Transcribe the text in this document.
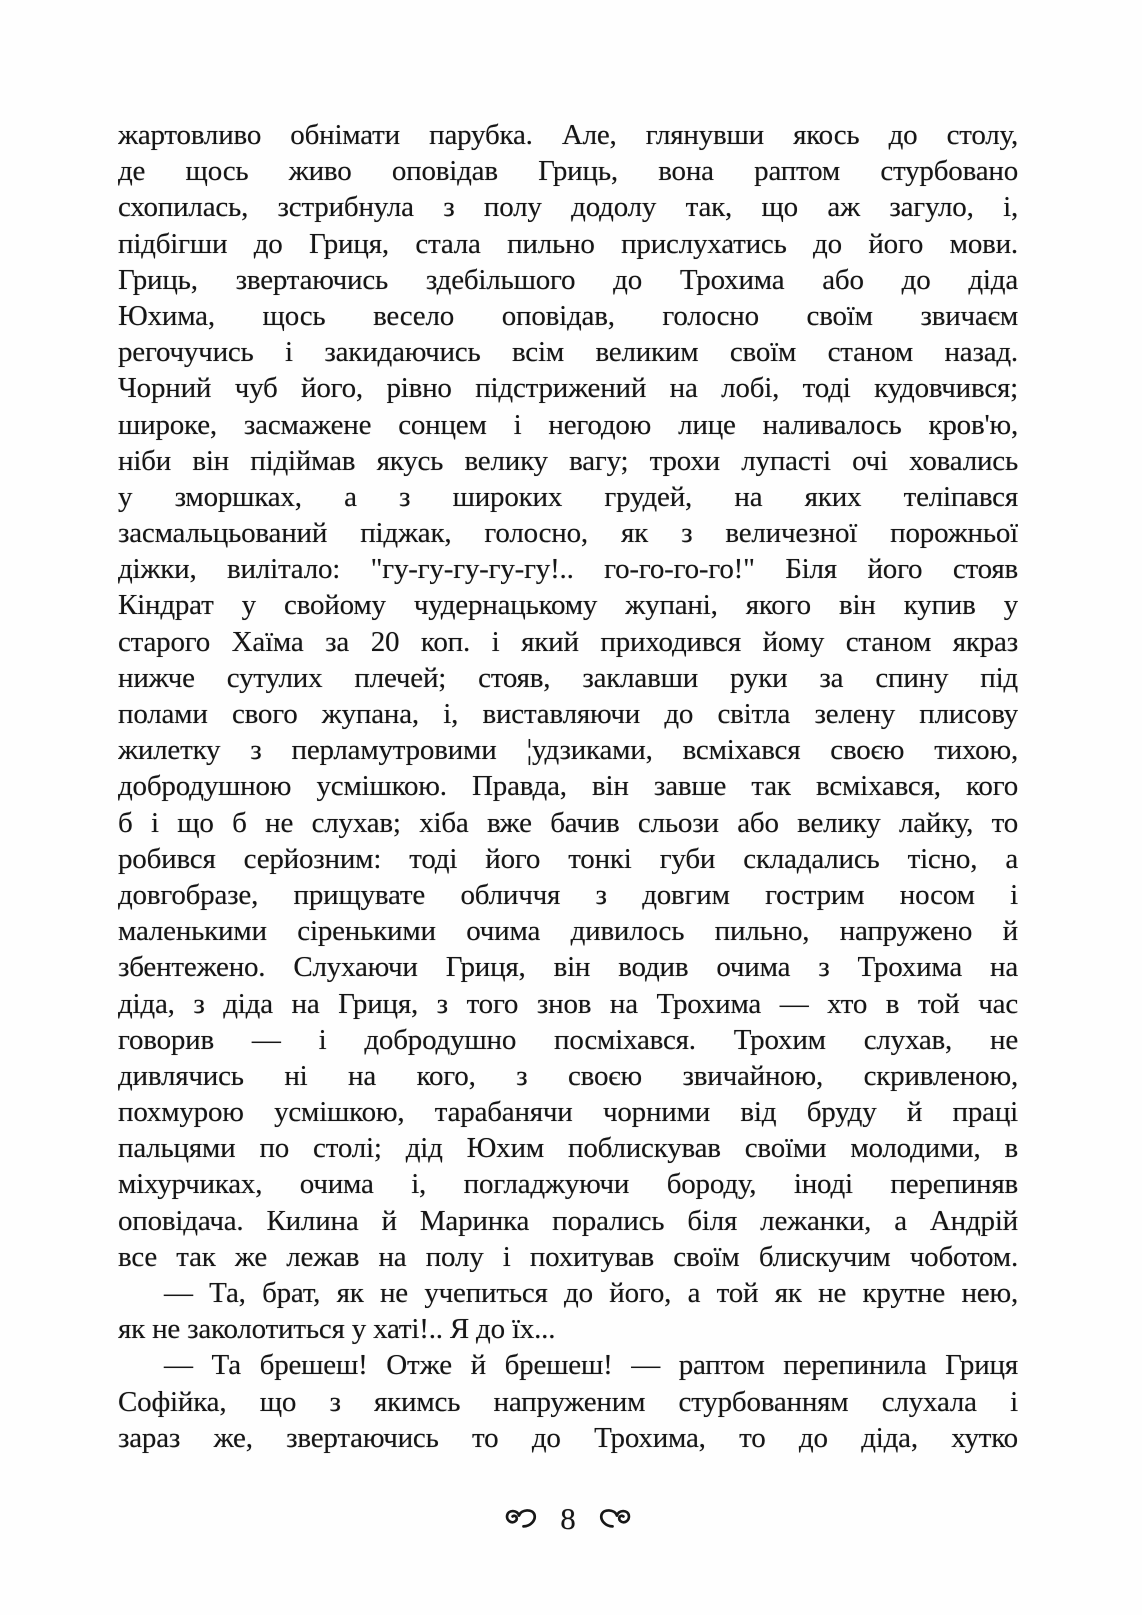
жартовливо обнімати парубка. Але, глянувши якось до столу,
де щось живо оповідав Гриць, вона раптом стурбовано
схопилась, зстрибнула з полу додолу так, що аж загуло, і,
підбігши до Гриця, стала пильно прислухатись до його мови.
Гриць, звертаючись здебільшого до Трохима або до діда
Юхима, щось весело оповідав, голосно своїм звичаєм
регочучись і закидаючись всім великим своїм станом назад.
Чорний чуб його, рівно підстрижений на лобі, тоді кудовчився;
широке, засмажене сонцем і негодою лице наливалось кров'ю,
ніби він підіймав якусь велику вагу; трохи лупасті очі ховались
у зморшках, а з широких грудей, на яких теліпався
засмальцьований піджак, голосно, як з величезної порожньої
діжки, вилітало: "гу-гу-гу-гу-гу!.. го-го-го-го!" Біля його стояв
Кіндрат у свойому чудернацькому жупані, якого він купив у
старого Хаїма за 20 коп. і який приходився йому станом якраз
нижче сутулих плечей; стояв, заклавши руки за спину під
полами свого жупана, і, виставляючи до світла зелену плисову
жилетку з перламутровими ¦удзиками, всміхався своєю тихою,
добродушною усмішкою. Правда, він завше так всміхався, кого
б і що б не слухав; хіба вже бачив сльози або велику лайку, то
робився серйозним: тоді його тонкі губи складались тісно, а
довгобразе, прищувате обличчя з довгим гострим носом і
маленькими сіренькими очима дивилось пильно, напружено й
збентежено. Слухаючи Гриця, він водив очима з Трохима на
діда, з діда на Гриця, з того знов на Трохима — хто в той час
говорив — і добродушно посміхався. Трохим слухав, не
дивлячись ні на кого, з своєю звичайною, скривленою,
похмурою усмішкою, тарабанячи чорними від бруду й праці
пальцями по столі; дід Юхим поблискував своїми молодими, в
міхурчиках, очима і, погладжуючи бороду, іноді перепиняв
оповідача. Килина й Маринка порались біля лежанки, а Андрій
все так же лежав на полу і похитував своїм блискучим чоботом.
— Та, брат, як не учепиться до його, а той як не крутне нею,
як не заколотиться у хаті!.. Я до їх...
— Та брешеш! Отже й брешеш! — раптом перепинила Гриця
Софійка, що з якимсь напруженим стурбованням слухала і
зараз же, звертаючись то до Трохима, то до діда, хутко
8
